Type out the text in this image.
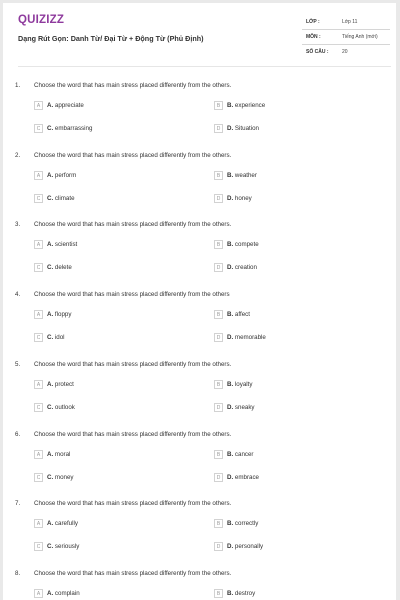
QUIZIZZ
Dạng Rút Gọn: Danh Từ/ Đại Từ + Động Từ (Phủ Định)
LỚP :	Lớp 11
MÔN :	Tiếng Anh (mới)
SỐ CÂU :	20
1. Choose the word that has main stress placed differently from the others.
A	A. appreciate	B	B. experience
C	C. embarrassing	D	D. Situation
2. Choose the word that has main stress placed differently from the others.
A	A. perform	B	B. weather
C	C. climate	D	D. honey
3. Choose the word that has main stress placed differently from the others.
A	A. scientist	B	B. compete
C	C. delete	D	D. creation
4. Choose the word that has main stress placed differently from the others
A	A. floppy	B	B. affect
C	C. idol	D	D. memorable
5. Choose the word that has main stress placed differently from the others.
A	A. protect	B	B. loyalty
C	C. outlook	D	D. sneaky
6. Choose the word that has main stress placed differently from the others.
A	A. moral	B	B. cancer
C	C. money	D	D. embrace
7. Choose the word that has main stress placed differently from the others.
A	A. carefully	B	B. correctly
C	C. seriously	D	D. personally
8. Choose the word that has main stress placed differently from the others.
A	A. complain	B	B. destroy
